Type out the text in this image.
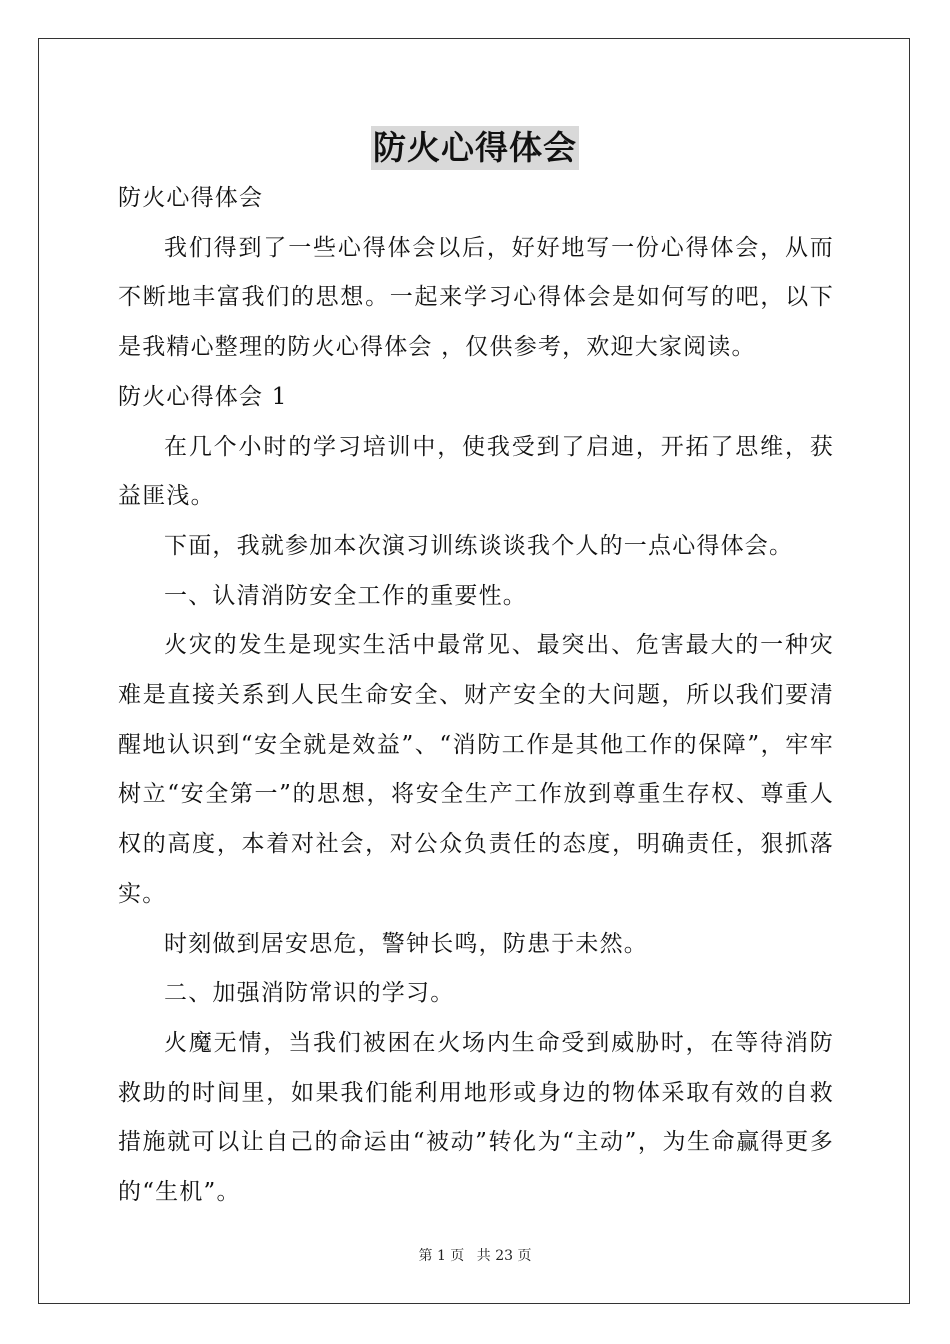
防火心得体会

防火心得体会

我们得到了一些心得体会以后，好好地写一份心得体会，从而不断地丰富我们的思想。一起来学习心得体会是如何写的吧，以下是我精心整理的防火心得体会 ，仅供参考，欢迎大家阅读。

防火心得体会 1

在几个小时的学习培训中，使我受到了启迪，开拓了思维，获益匪浅。

下面，我就参加本次演习训练谈谈我个人的一点心得体会。

一、认清消防安全工作的重要性。

火灾的发生是现实生活中最常见、最突出、危害最大的一种灾难是直接关系到人民生命安全、财产安全的大问题，所以我们要清醒地认识到“安全就是效益”、“消防工作是其他工作的保障”，牢牢树立“安全第一”的思想，将安全生产工作放到尊重生存权、尊重人权的高度，本着对社会，对公众负责任的态度，明确责任，狠抓落实。

时刻做到居安思危，警钟长鸣，防患于未然。

二、加强消防常识的学习。

火魔无情，当我们被困在火场内生命受到威胁时，在等待消防救助的时间里，如果我们能利用地形或身边的物体采取有效的自救措施就可以让自己的命运由“被动”转化为“主动”，为生命赢得更多的“生机”。

第 1 页 共 23 页
